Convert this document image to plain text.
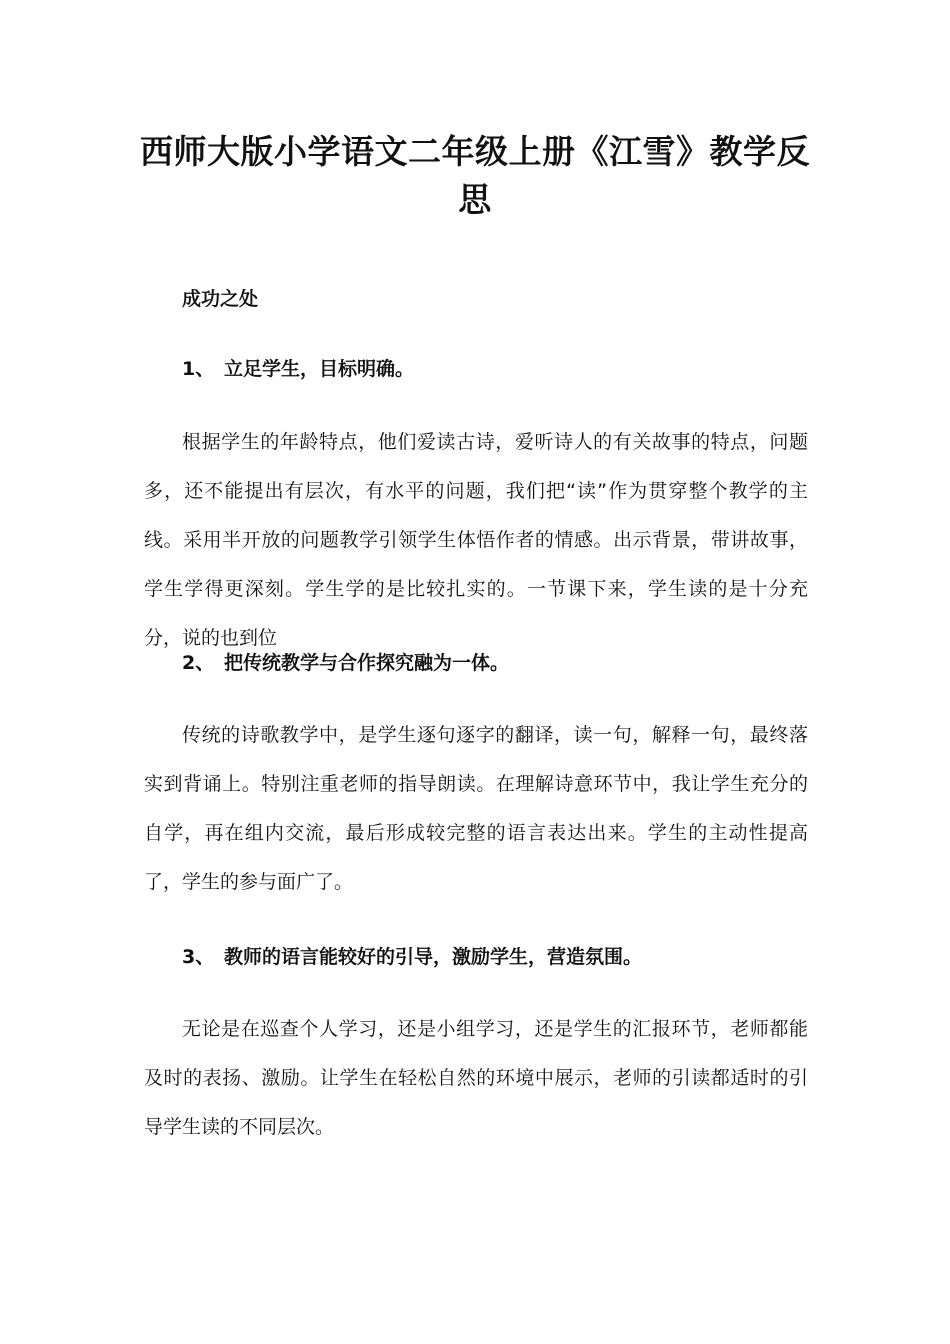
西师大版小学语文二年级上册《江雪》教学反思
成功之处
1、 立足学生，目标明确。
根据学生的年龄特点，他们爱读古诗，爱听诗人的有关故事的特点，问题多，还不能提出有层次，有水平的问题，我们把“读”作为贯穿整个教学的主线。采用半开放的问题教学引领学生体悟作者的情感。出示背景，带讲故事，学生学得更深刻。学生学的是比较扎实的。一节课下来，学生读的是十分充分，说的也到位
2、 把传统教学与合作探究融为一体。
传统的诗歌教学中，是学生逐句逐字的翻译，读一句，解释一句，最终落实到背诵上。特别注重老师的指导朗读。在理解诗意环节中，我让学生充分的自学，再在组内交流，最后形成较完整的语言表达出来。学生的主动性提高了，学生的参与面广了。
3、 教师的语言能较好的引导，激励学生，营造氛围。
无论是在巡查个人学习，还是小组学习，还是学生的汇报环节，老师都能及时的表扬、激励。让学生在轻松自然的环境中展示，老师的引读都适时的引导学生读的不同层次。
